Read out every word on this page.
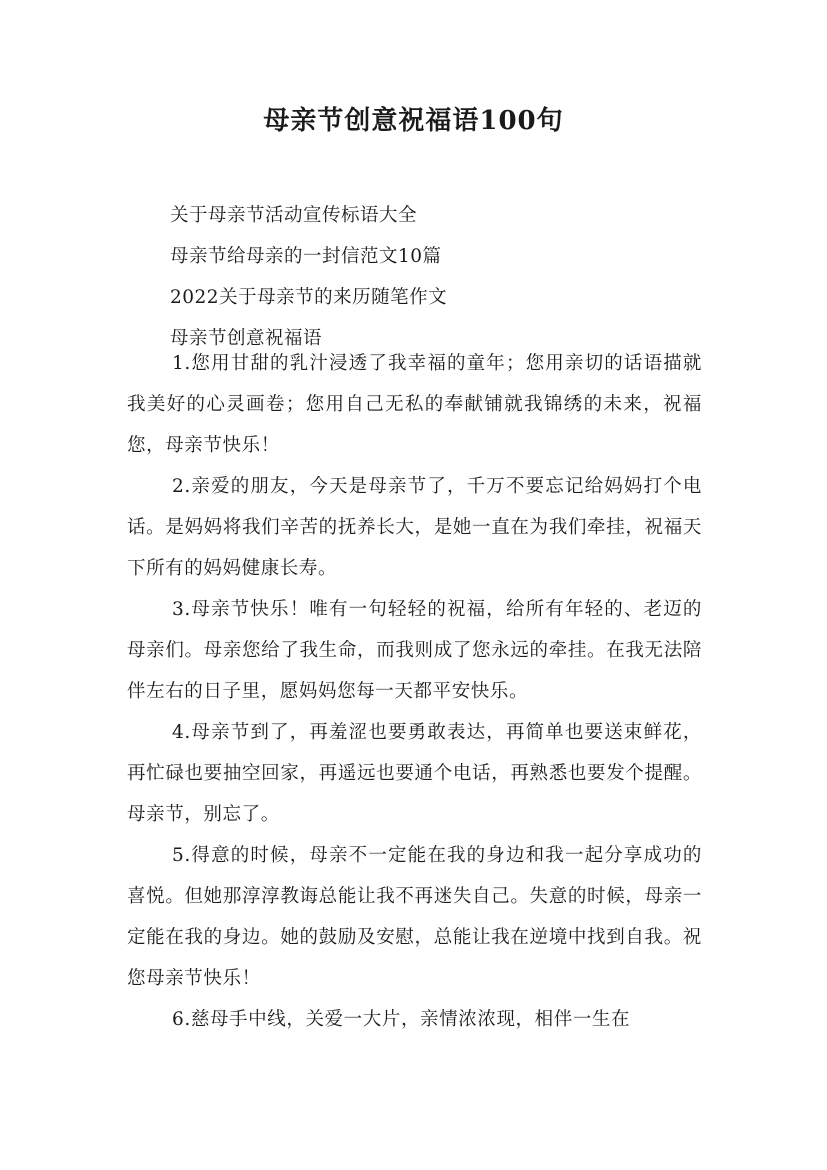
母亲节创意祝福语100句
关于母亲节活动宣传标语大全
母亲节给母亲的一封信范文10篇
2022关于母亲节的来历随笔作文
母亲节创意祝福语

1.您用甘甜的乳汁浸透了我幸福的童年；您用亲切的话语描就我美好的心灵画卷；您用自己无私的奉献铺就我锦绣的未来，祝福您，母亲节快乐！

2.亲爱的朋友，今天是母亲节了，千万不要忘记给妈妈打个电话。是妈妈将我们辛苦的抚养长大，是她一直在为我们牵挂，祝福天下所有的妈妈健康长寿。

3.母亲节快乐！唯有一句轻轻的祝福，给所有年轻的、老迈的母亲们。母亲您给了我生命，而我则成了您永远的牵挂。在我无法陪伴左右的日子里，愿妈妈您每一天都平安快乐。

4.母亲节到了，再羞涩也要勇敢表达，再简单也要送束鲜花，再忙碌也要抽空回家，再遥远也要通个电话，再熟悉也要发个提醒。母亲节，别忘了。

5.得意的时候，母亲不一定能在我的身边和我一起分享成功的喜悦。但她那淳淳教诲总能让我不再迷失自己。失意的时候，母亲一定能在我的身边。她的鼓励及安慰，总能让我在逆境中找到自我。祝您母亲节快乐！

6.慈母手中线，关爱一大片，亲情浓浓现，相伴一生在
